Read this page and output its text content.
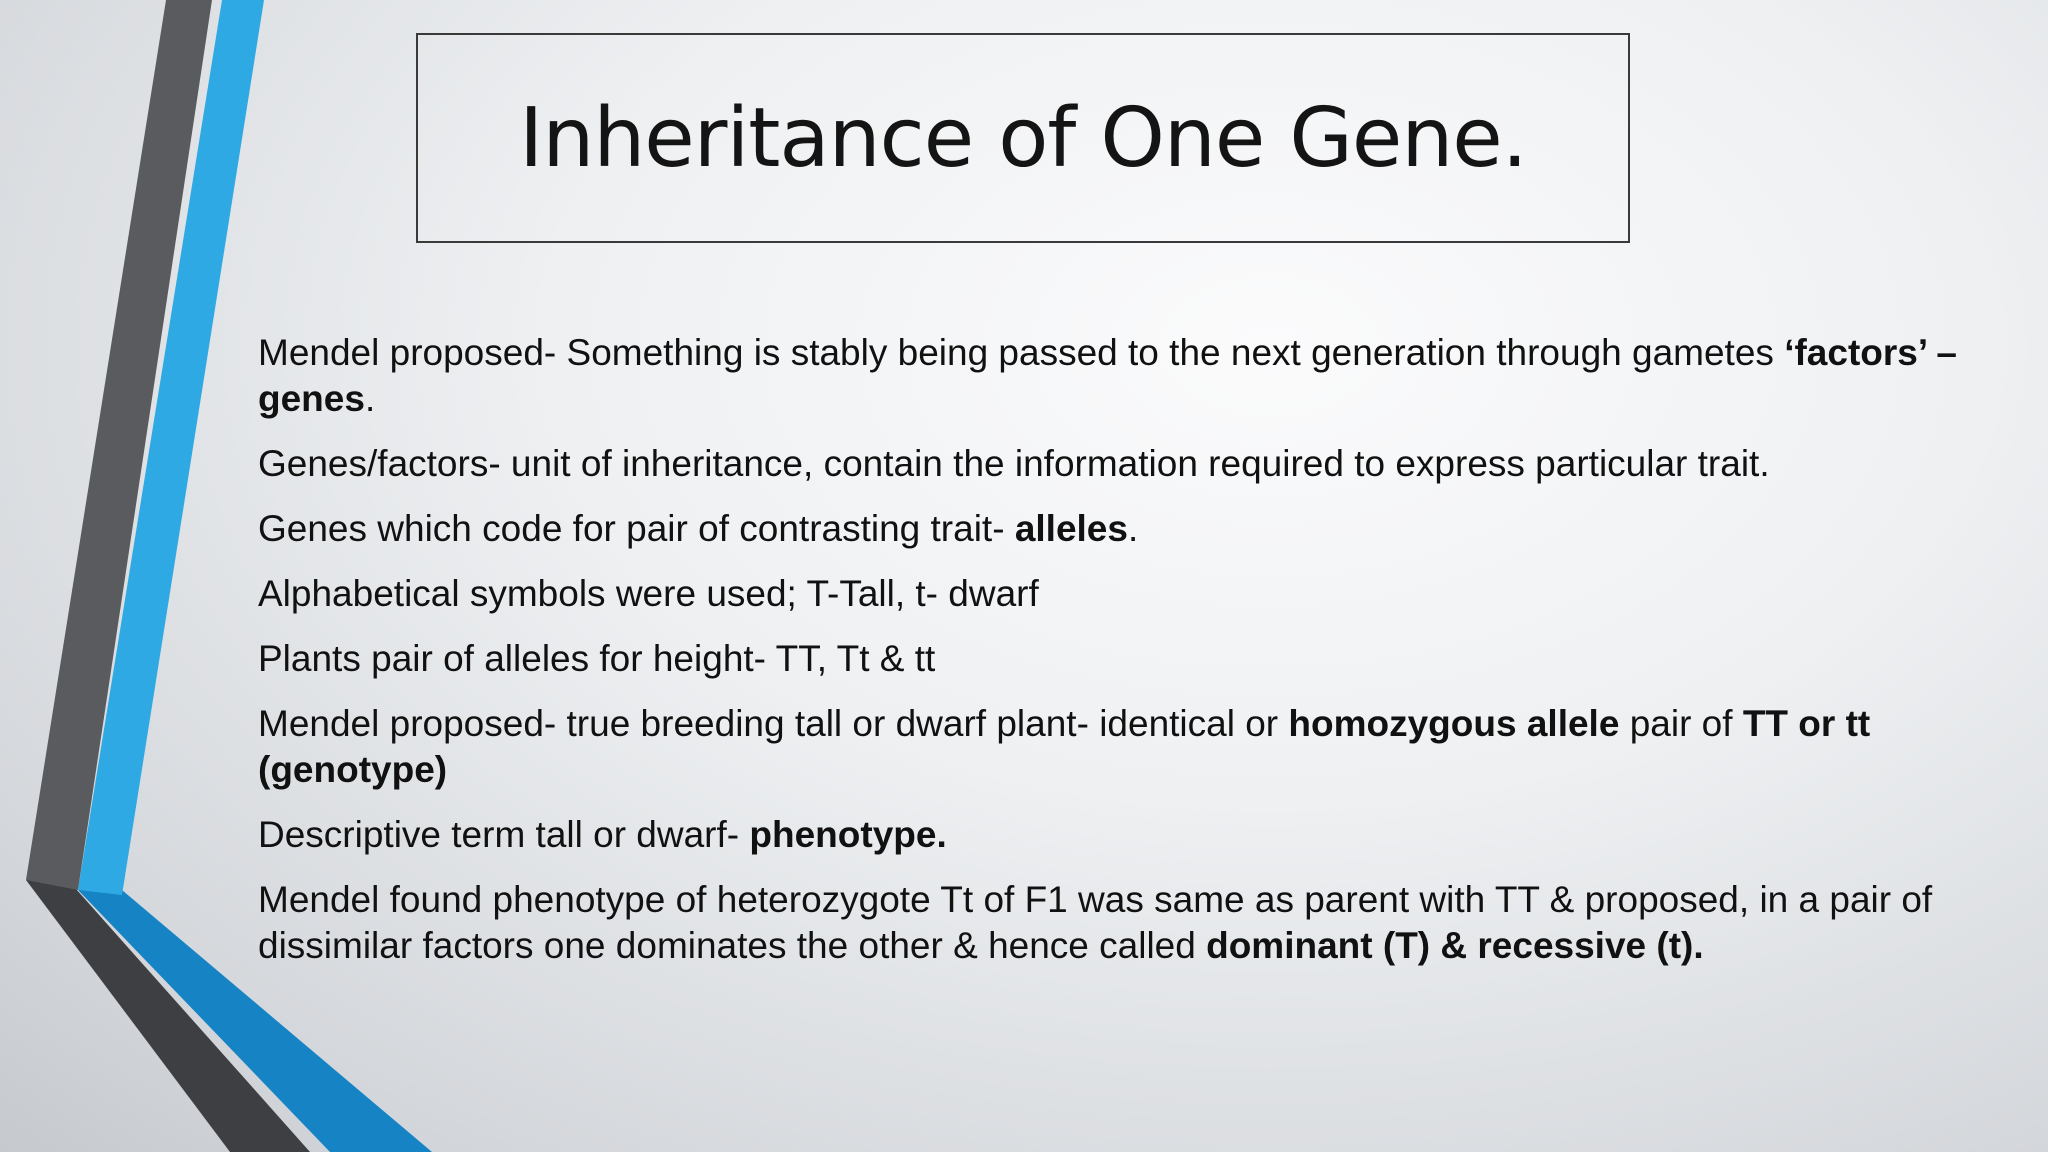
Inheritance of One Gene.

Mendel proposed- Something is stably being passed to the next generation through gametes ‘factors’ – genes.

Genes/factors- unit of inheritance, contain the information required to express particular trait.

Genes which code for pair of contrasting trait- alleles.

Alphabetical symbols were used; T-Tall, t- dwarf

Plants pair of alleles for height- TT, Tt & tt

Mendel proposed- true breeding tall or dwarf plant- identical or homozygous allele pair of TT or tt (genotype)

Descriptive term tall or dwarf- phenotype.

Mendel found phenotype of heterozygote Tt of F1 was same as parent with TT & proposed, in a pair of dissimilar factors one dominates the other & hence called dominant (T) & recessive (t).
